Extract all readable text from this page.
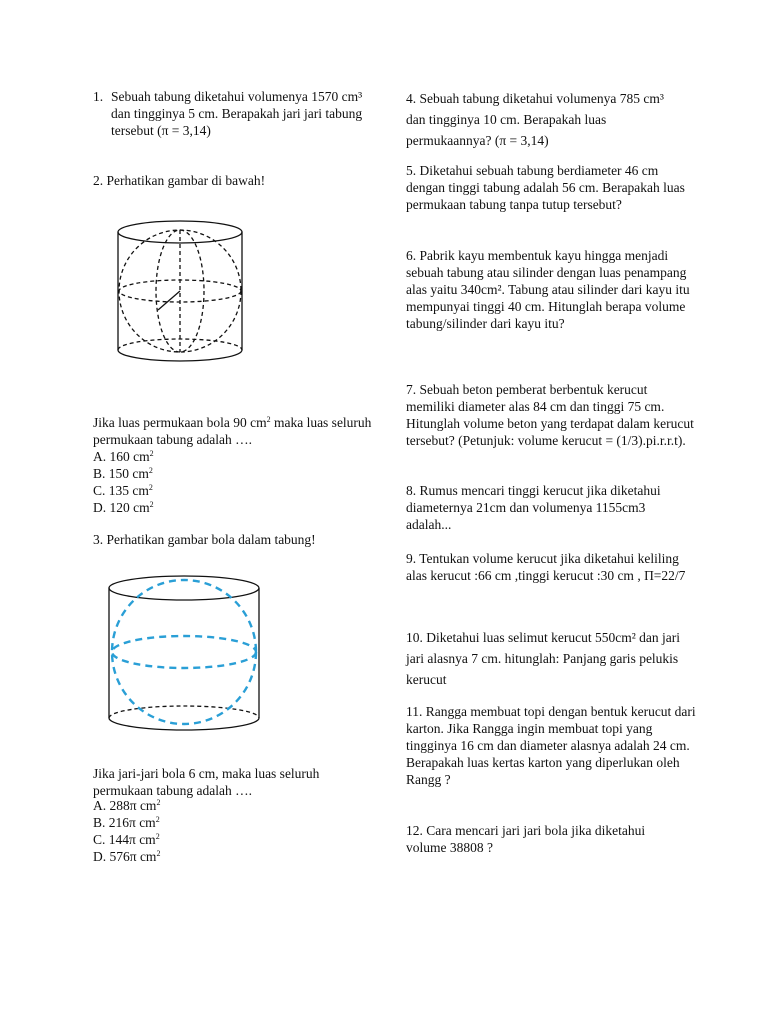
1. Sebuah tabung diketahui volumenya 1570 cm³ dan tingginya 5 cm. Berapakah jari jari tabung tersebut (π = 3,14)
2. Perhatikan gambar di bawah!
Jika luas permukaan bola 90 $cm^2$ maka luas seluruh permukaan tabung adalah ….
A. 160 $cm^2$
B. 150 $cm^2$
C. 135 $cm^2$
D. 120 $cm^2$
3. Perhatikan gambar bola dalam tabung!
Jika jari-jari bola 6 cm, maka luas seluruh permukaan tabung adalah ….
A. 288π $cm^2$
B. 216π $cm^2$
C. 144π $cm^2$
D. 576π $cm^2$
4. Sebuah tabung diketahui volumenya 785 cm³ dan tingginya 10 cm. Berapakah luas permukaannya? (π = 3,14)
5. Diketahui sebuah tabung berdiameter 46 cm dengan tinggi tabung adalah 56 cm. Berapakah luas permukaan tabung tanpa tutup tersebut?
6. Pabrik kayu membentuk kayu hingga menjadi sebuah tabung atau silinder dengan luas penampang alas yaitu 340cm². Tabung atau silinder dari kayu itu mempunyai tinggi 40 cm. Hitunglah berapa volume tabung/silinder dari kayu itu?
7. Sebuah beton pemberat berbentuk kerucut memiliki diameter alas 84 cm dan tinggi 75 cm. Hitunglah volume beton yang terdapat dalam kerucut tersebut? (Petunjuk: volume kerucut = (1/3).pi.r.r.t).
8. Rumus mencari tinggi kerucut jika diketahui diameternya 21cm dan volumenya 1155cm3 adalah...
9. Tentukan volume kerucut jika diketahui keliling alas kerucut :66 cm ,tinggi kerucut :30 cm , Π=22/7
10. Diketahui luas selimut kerucut 550cm² dan jari jari alasnya 7 cm. hitunglah: Panjang garis pelukis kerucut
11. Rangga membuat topi dengan bentuk kerucut dari karton. Jika Rangga ingin membuat topi yang tingginya 16 cm dan diameter alasnya adalah 24 cm. Berapakah luas kertas karton yang diperlukan oleh Rangg ?
12. Cara mencari jari jari bola jika diketahui volume 38808 ?
